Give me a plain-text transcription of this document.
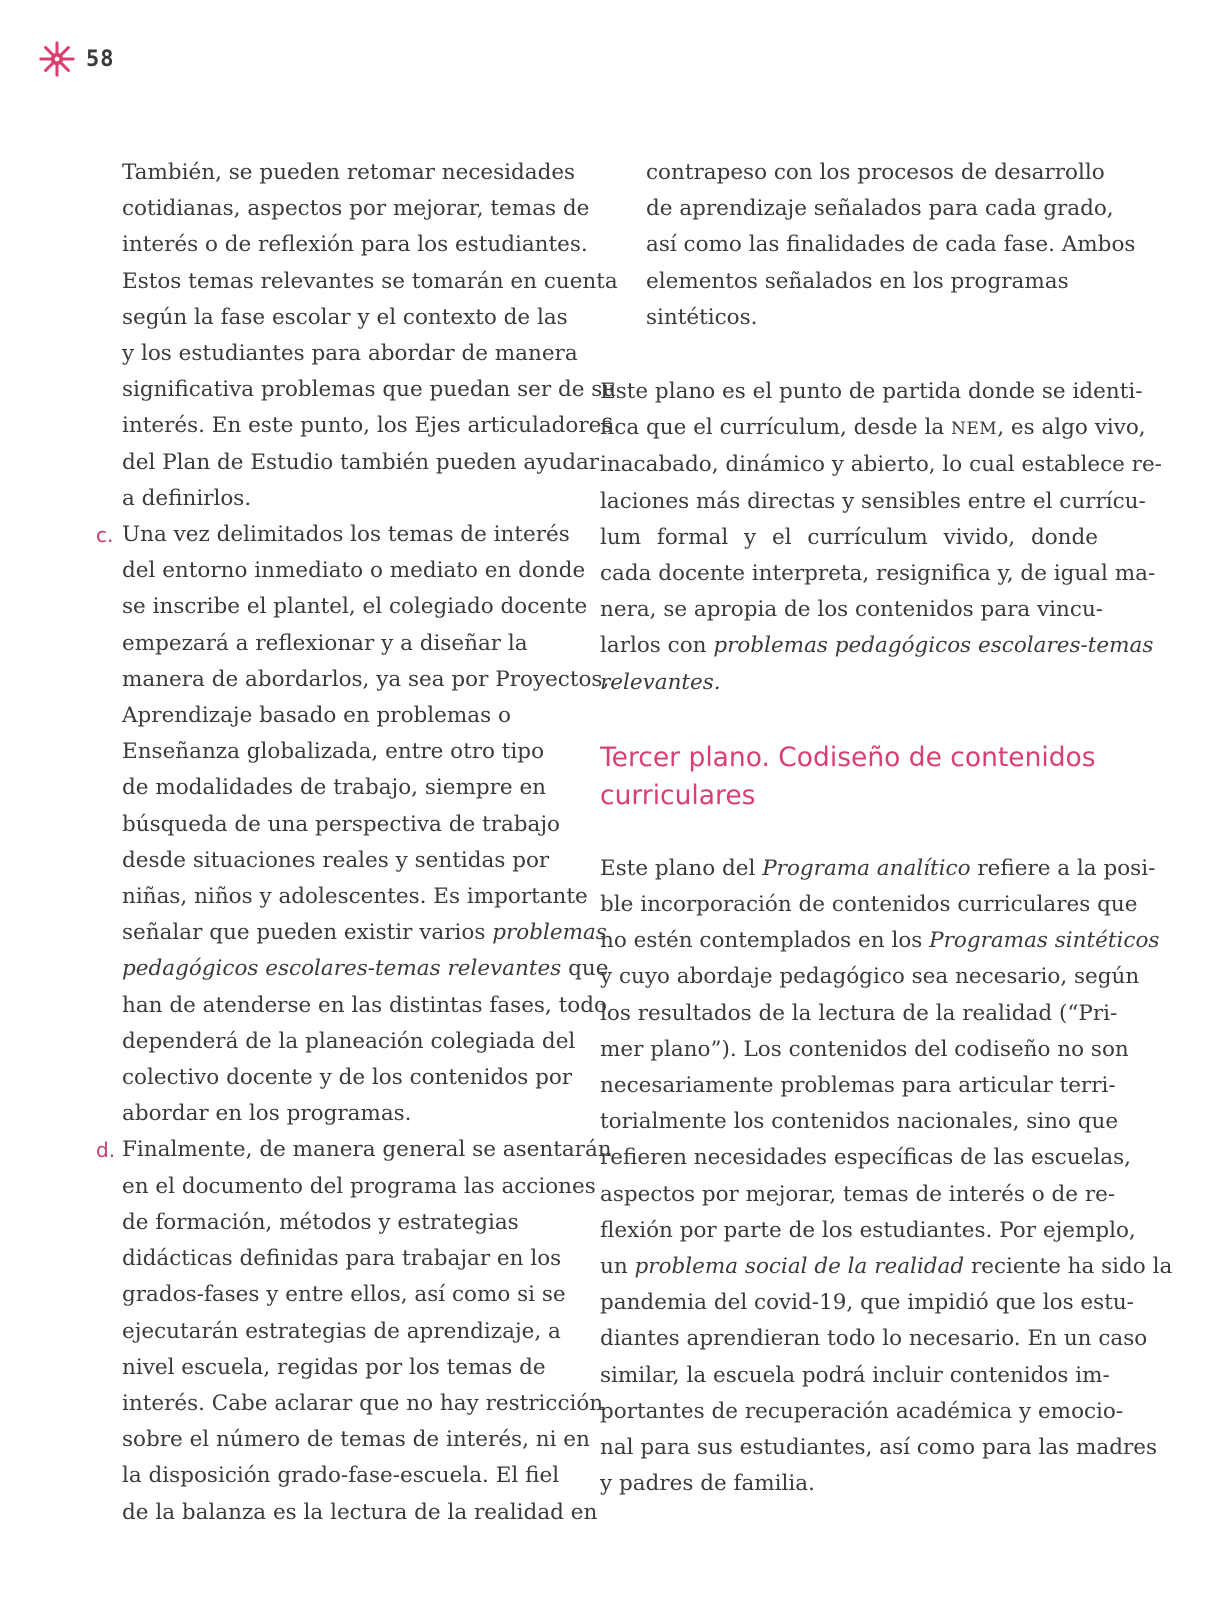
58

También, se pueden retomar necesidades

cotidianas, aspectos por mejorar, temas de

interés o de reflexión para los estudiantes.

Estos temas relevantes se tomarán en cuenta

según la fase escolar y el contexto de las

y los estudiantes para abordar de manera

significativa problemas que puedan ser de su

interés. En este punto, los Ejes articuladores

del Plan de Estudio también pueden ayudar

a definirlos.

c. Una vez delimitados los temas de interés

del entorno inmediato o mediato en donde

se inscribe el plantel, el colegiado docente

empezará a reflexionar y a diseñar la

manera de abordarlos, ya sea por Proyectos,

Aprendizaje basado en problemas o

Enseñanza globalizada, entre otro tipo

de modalidades de trabajo, siempre en

búsqueda de una perspectiva de trabajo

desde situaciones reales y sentidas por

niñas, niños y adolescentes. Es importante

señalar que pueden existir varios problemas

pedagógicos escolares-temas relevantes que

han de atenderse en las distintas fases, todo

dependerá de la planeación colegiada del

colectivo docente y de los contenidos por

abordar en los programas.

d. Finalmente, de manera general se asentarán

en el documento del programa las acciones

de formación, métodos y estrategias

didácticas definidas para trabajar en los

grados-fases y entre ellos, así como si se

ejecutarán estrategias de aprendizaje, a

nivel escuela, regidas por los temas de

interés. Cabe aclarar que no hay restricción

sobre el número de temas de interés, ni en

la disposición grado-fase-escuela. El fiel

de la balanza es la lectura de la realidad en

contrapeso con los procesos de desarrollo

de aprendizaje señalados para cada grado,

así como las finalidades de cada fase. Ambos

elementos señalados en los programas

sintéticos.

Este plano es el punto de partida donde se identi-

fica que el currículum, desde la NEM, es algo vivo,

inacabado, dinámico y abierto, lo cual establece re-

laciones más directas y sensibles entre el currícu-

lum formal y el currículum vivido, donde

cada docente interpreta, resignifica y, de igual ma-

nera, se apropia de los contenidos para vincu-

larlos con problemas pedagógicos escolares-temas

relevantes.

Tercer plano. Codiseño de contenidos
curriculares

Este plano del Programa analítico refiere a la posi-

ble incorporación de contenidos curriculares que

no estén contemplados en los Programas sintéticos

y cuyo abordaje pedagógico sea necesario, según

los resultados de la lectura de la realidad (“Pri-

mer plano”). Los contenidos del codiseño no son

necesariamente problemas para articular terri-

torialmente los contenidos nacionales, sino que

refieren necesidades específicas de las escuelas,

aspectos por mejorar, temas de interés o de re-

flexión por parte de los estudiantes. Por ejemplo,

un problema social de la realidad reciente ha sido la

pandemia del covid-19, que impidió que los estu-

diantes aprendieran todo lo necesario. En un caso

similar, la escuela podrá incluir contenidos im-

portantes de recuperación académica y emocio-

nal para sus estudiantes, así como para las madres

y padres de familia.
